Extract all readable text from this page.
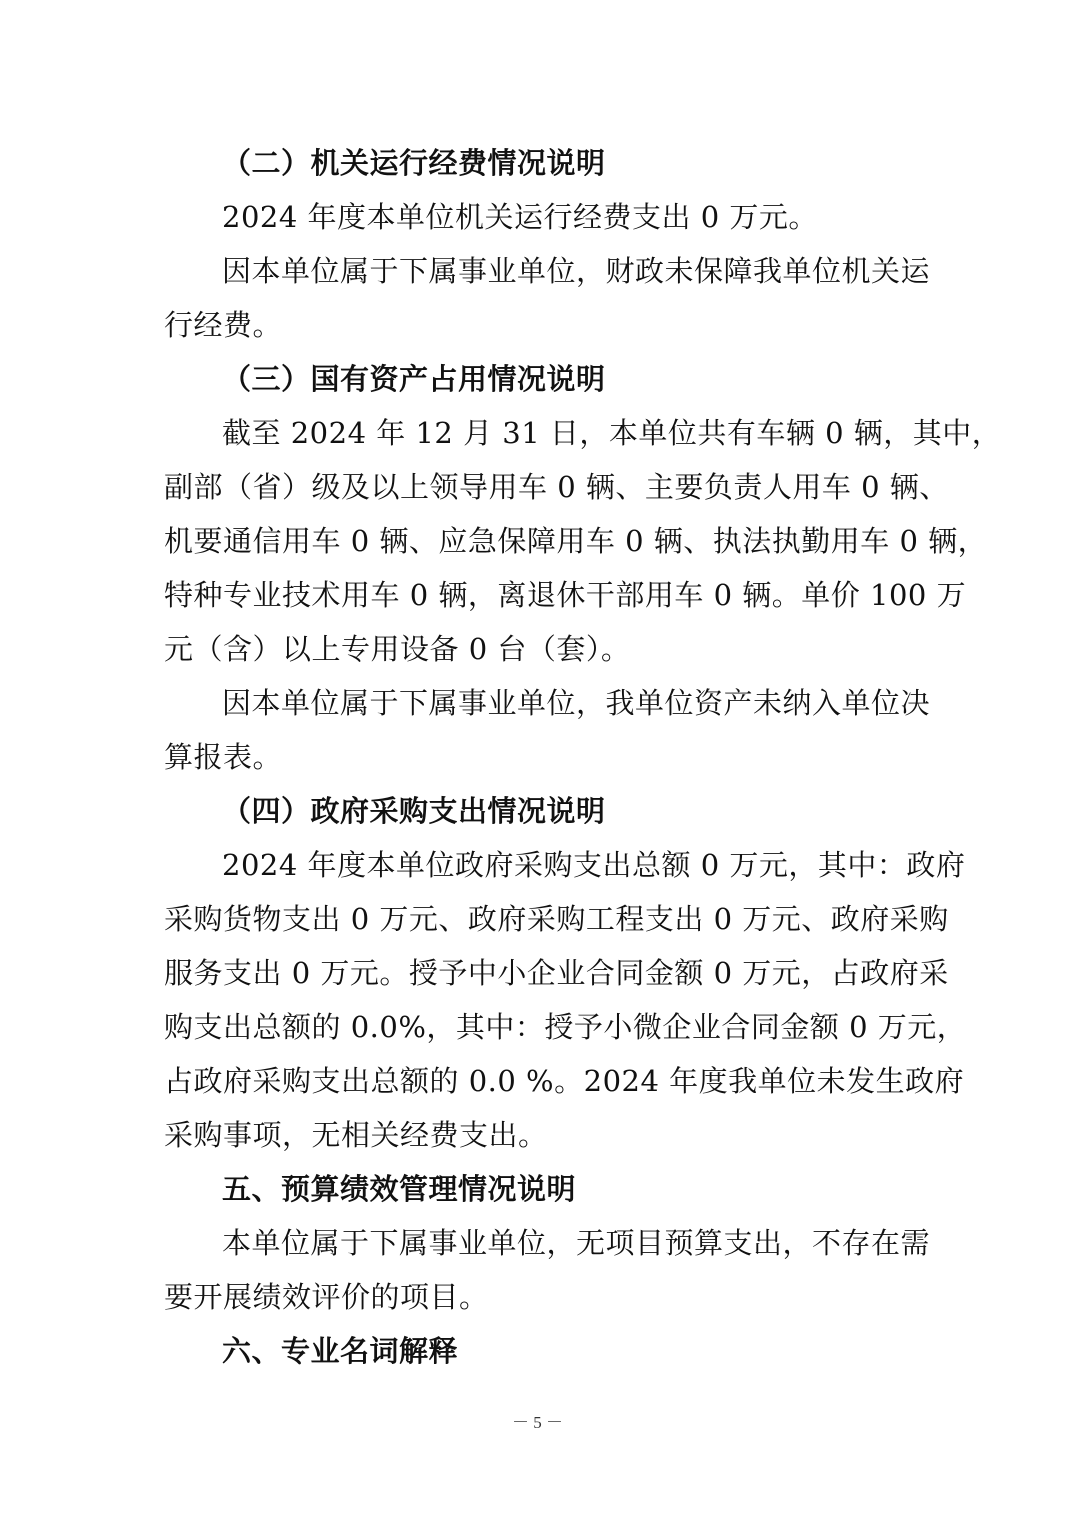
（二）机关运行经费情况说明

2024 年度本单位机关运行经费支出 0 万元。

因本单位属于下属事业单位，财政未保障我单位机关运

行经费。

（三）国有资产占用情况说明

截至 2024 年 12 月 31 日，本单位共有车辆 0 辆，其中，

副部（省）级及以上领导用车 0 辆、主要负责人用车 0 辆、

机要通信用车 0 辆、应急保障用车 0 辆、执法执勤用车 0 辆，

特种专业技术用车 0 辆，离退休干部用车 0 辆。单价 100 万

元（含）以上专用设备 0 台（套）。

因本单位属于下属事业单位，我单位资产未纳入单位决

算报表。

（四）政府采购支出情况说明

2024 年度本单位政府采购支出总额 0 万元，其中：政府

采购货物支出 0 万元、政府采购工程支出 0 万元、政府采购

服务支出 0 万元。授予中小企业合同金额 0 万元，占政府采

购支出总额的 0.0%，其中：授予小微企业合同金额 0 万元，

占政府采购支出总额的 0.0 %。2024 年度我单位未发生政府

采购事项，无相关经费支出。

五、预算绩效管理情况说明

本单位属于下属事业单位，无项目预算支出，不存在需

要开展绩效评价的项目。

六、专业名词解释

－ 5 －
